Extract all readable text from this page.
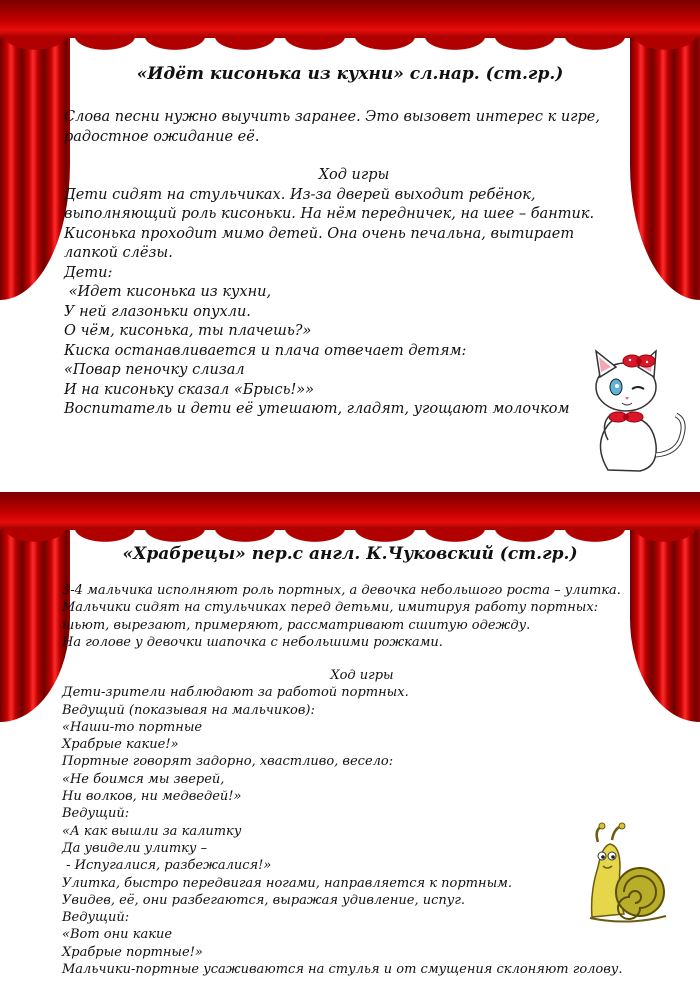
«Идёт кисонька из кухни» сл.нар. (ст.гр.)
Слова песни нужно выучить заранее. Это вызовет интерес к игре,
радостное ожидание её.
Ход игры
Дети сидят на стульчиках. Из-за дверей выходит ребёнок,
выполняющий роль кисоньки. На нём передничек, на шее – бантик.
Кисонька проходит мимо детей. Она очень печальна, вытирает
лапкой слёзы.
Дети:
«Идет кисонька из кухни,
У ней глазоньки опухли.
О чём, кисонька, ты плачешь?»
Киска останавливается и плача отвечает детям:
«Повар пеночку слизал
И на кисоньку сказал «Брысь!»»
Воспитатель и дети её утешают, гладят, угощают молочком
«Храбрецы» пер.с англ. К.Чуковский (ст.гр.)
3-4 мальчика исполняют роль портных, а девочка небольшого роста – улитка.
Мальчики сидят на стульчиках перед детьми, имитируя работу портных:
шьют, вырезают, примеряют, рассматривают сшитую одежду.
На голове у девочки шапочка с небольшими рожками.
Ход игры
Дети-зрители наблюдают за работой портных.
Ведущий (показывая на мальчиков):
«Наши-то портные
Храбрые какие!»
Портные говорят задорно, хвастливо, весело:
«Не боимся мы зверей,
Ни волков, ни медведей!»
Ведущий:
«А как вышли за калитку
Да увидели улитку –
- Испугалися, разбежалися!»
Улитка, быстро передвигая ногами, направляется к портным.
Увидев, её, они разбегаются, выражая удивление, испуг.
Ведущий:
«Вот они какие
Храбрые портные!»
Мальчики-портные усаживаются на стулья и от смущения склоняют голову.
